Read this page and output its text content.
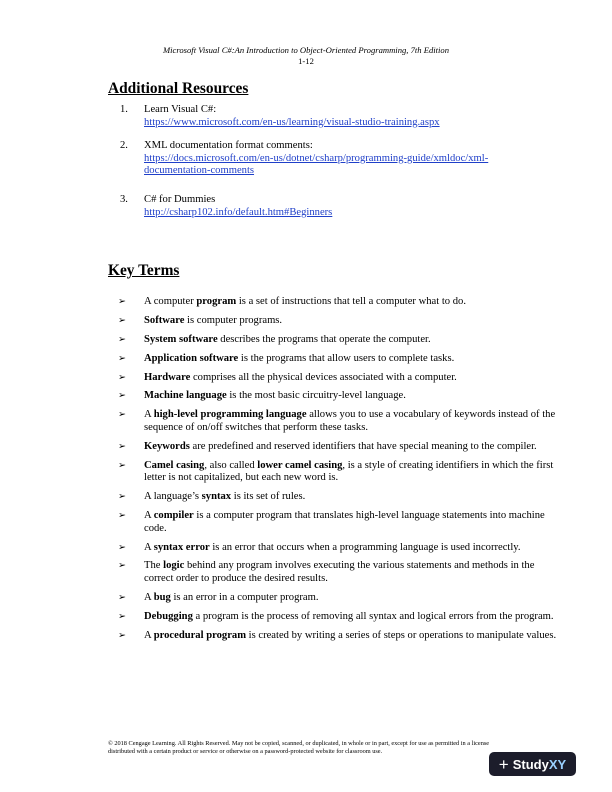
Microsoft Visual C#:An Introduction to Object-Oriented Programming, 7th Edition
1-12
Additional Resources
1. Learn Visual C#:
https://www.microsoft.com/en-us/learning/visual-studio-training.aspx
2. XML documentation format comments:
https://docs.microsoft.com/en-us/dotnet/csharp/programming-guide/xmldoc/xml-documentation-comments
3. C# for Dummies
http://csharp102.info/default.htm#Beginners
Key Terms
➢ A computer program is a set of instructions that tell a computer what to do.
➢ Software is computer programs.
➢ System software describes the programs that operate the computer.
➢ Application software is the programs that allow users to complete tasks.
➢ Hardware comprises all the physical devices associated with a computer.
➢ Machine language is the most basic circuitry-level language.
➢ A high-level programming language allows you to use a vocabulary of keywords instead of the sequence of on/off switches that perform these tasks.
➢ Keywords are predefined and reserved identifiers that have special meaning to the compiler.
➢ Camel casing, also called lower camel casing, is a style of creating identifiers in which the first letter is not capitalized, but each new word is.
➢ A language’s syntax is its set of rules.
➢ A compiler is a computer program that translates high-level language statements into machine code.
➢ A syntax error is an error that occurs when a programming language is used incorrectly.
➢ The logic behind any program involves executing the various statements and methods in the correct order to produce the desired results.
➢ A bug is an error in a computer program.
➢ Debugging a program is the process of removing all syntax and logical errors from the program.
➢ A procedural program is created by writing a series of steps or operations to manipulate values.
© 2018 Cengage Learning. All Rights Reserved. May not be copied, scanned, or duplicated, in whole or in part, except for use as permitted in a license distributed with a certain product or service or otherwise on a password-protected website for classroom use.
+ StudyXY
